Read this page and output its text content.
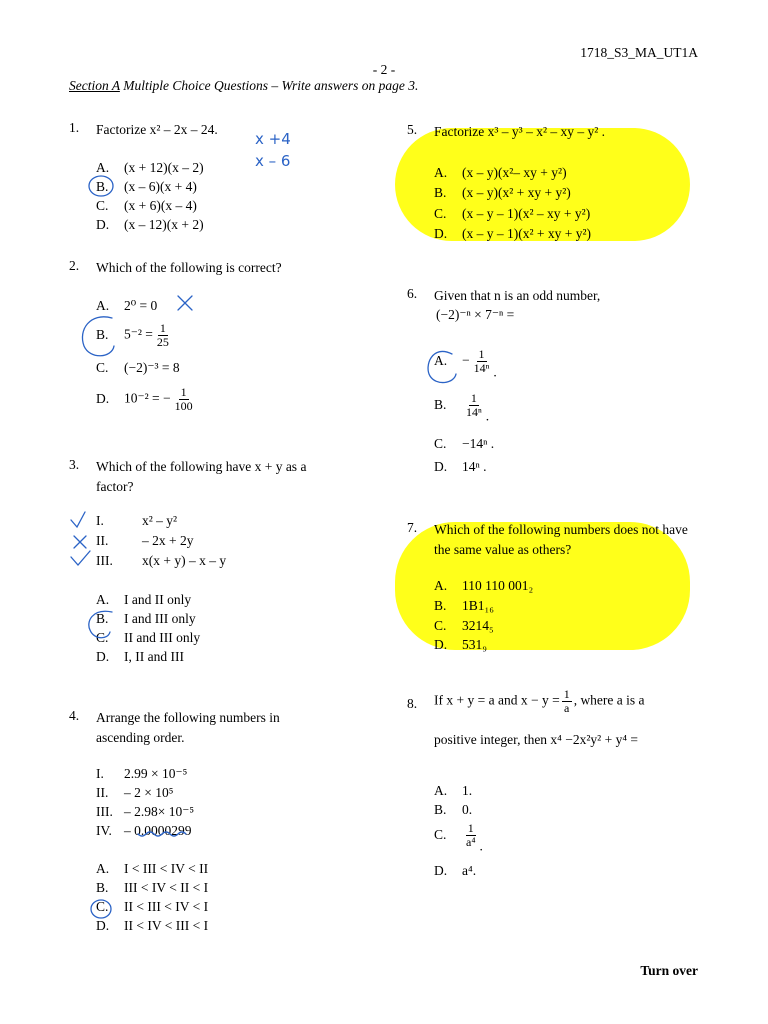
1718_S3_MA_UT1A
- 2 -
Section A Multiple Choice Questions – Write answers on page 3.
1. Factorize x² – 2x – 24.
A. (x + 12)(x – 2)
B. (x – 6)(x + 4)
C. (x + 6)(x – 4)
D. (x – 12)(x + 2)
x +4
x – 6
2. Which of the following is correct?
A. 2⁰ = 0
B. $5^{-2} = \frac{1}{25}$
C. (−2)⁻³ = 8
D. 10⁻² = − $\frac{1}{100}$
3. Which of the following have x + y as a factor?
I.	x² – y²
II. – 2x + 2y
III. x(x + y) – x – y
A. I and II only
B. I and III only
C. II and III only
D. I, II and III
4. Arrange the following numbers in ascending order.
I. 2.99 × 10⁻⁵
II. – 2 × 10⁵
III. – 2.98× 10⁻⁵
IV. – 0.0000299
A. I < III < IV < II
B. III < IV < II < I
C. II < III < IV < I
D. II < IV < III < I
5. Factorize x³ – y³ – x² – xy – y² .
A. (x – y)(x²– xy + y²)
B. (x – y)(x² + xy + y²)
C. (x – y – 1)(x² – xy + y²)
D. (x – y – 1)(x² + xy + y²)
6. Given that n is an odd number,
(−2)⁻ⁿ × 7⁻ⁿ =
A. − $\frac{1}{\text{14ⁿ}}$ .
B. $\frac{1}{\text{14ⁿ}}$ .
C. −14ⁿ .
D. 14ⁿ .
7. Which of the following numbers does not have the same value as others?
A. 110 110 001₂
B. 1B1₁₆
C. 3214₅
D. 531₉
8. If x + y = a and $x - y = \frac{1}{a}$ , where a is a
positive integer, then x⁴ −2x²y² + y⁴ =
A. 1.
B. 0.
C. $\frac{1}{\text{a⁴}}$ .
D. a⁴.
Turn over
